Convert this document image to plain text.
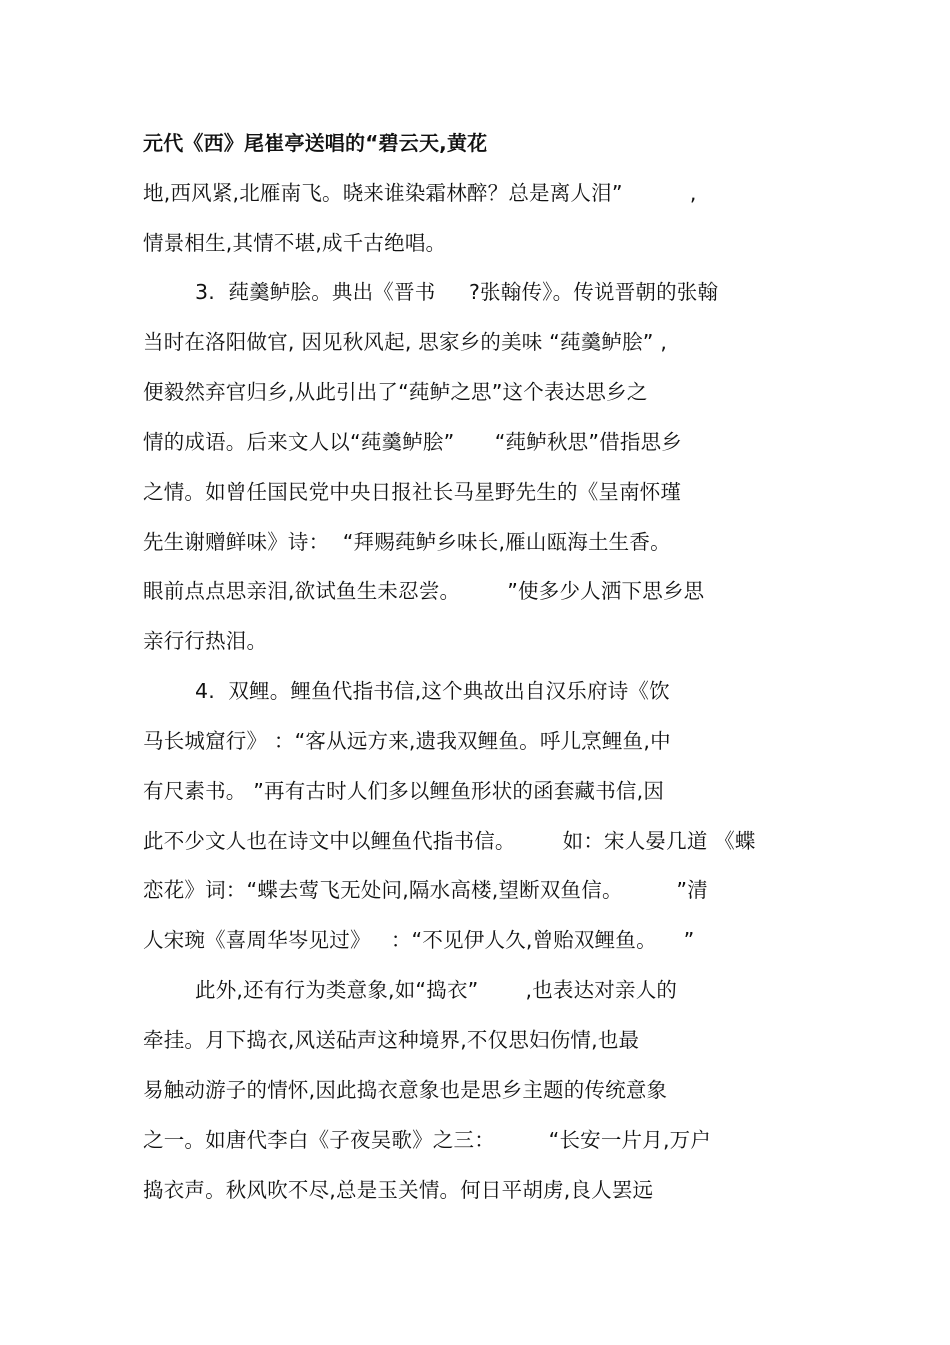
元代《西》尾崔亭送唱的“碧云天,黄花
地,西风紧,北雁南飞。晓来谁染霜林醉？总是离人泪”          ,
情景相生,其情不堪,成千古绝唱。
3.  莼羹鲈脍。典出《晋书     ?张翰传》。传说晋朝的张翰
当时在洛阳做官, 因见秋风起, 思家乡的美味 “莼羹鲈脍” ,
便毅然弃官归乡,从此引出了“莼鲈之思”这个表达思乡之
情的成语。后来文人以“莼羹鲈脍”      “莼鲈秋思”借指思乡
之情。如曾任国民党中央日报社长马星野先生的《呈南怀瑾
先生谢赠鲜味》诗：  “拜赐莼鲈乡味长,雁山瓯海土生香。
眼前点点思亲泪,欲试鱼生未忍尝。       ”使多少人洒下思乡思
亲行行热泪。
4.  双鲤。鲤鱼代指书信,这个典故出自汉乐府诗《饮
马长城窟行》 ：“客从远方来,遗我双鲤鱼。呼儿烹鲤鱼,中
有尺素书。 ”再有古时人们多以鲤鱼形状的函套藏书信,因
此不少文人也在诗文中以鲤鱼代指书信。       如：宋人晏几道 《蝶
恋花》词：“蝶去莺飞无处问,隔水高楼,望断双鱼信。        ”清
人宋琬《喜周华岑见过》   ：“不见伊人久,曾贻双鲤鱼。    ”
此外,还有行为类意象,如“捣衣”       ,也表达对亲人的
牵挂。月下捣衣,风送砧声这种境界,不仅思妇伤情,也最
易触动游子的情怀,因此捣衣意象也是思乡主题的传统意象
之一。如唐代李白《子夜吴歌》之三：        “长安一片月,万户
捣衣声。秋风吹不尽,总是玉关情。何日平胡虏,良人罢远
